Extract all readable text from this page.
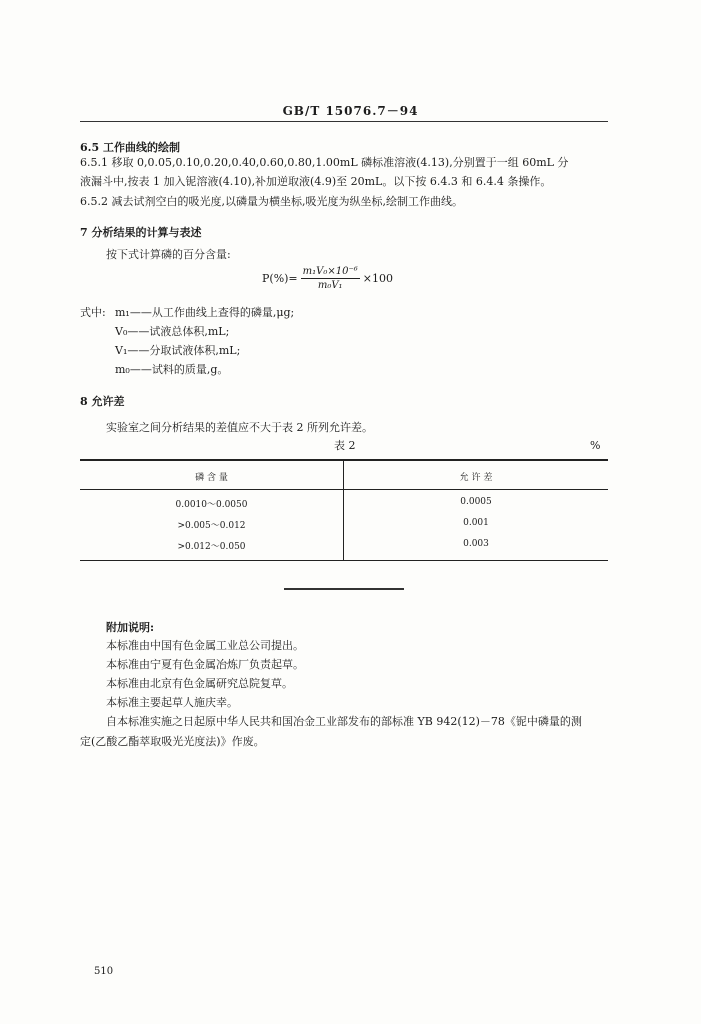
GB/T 15076.7－94
6.5 工作曲线的绘制
6.5.1 移取 0,0.05,0.10,0.20,0.40,0.60,0.80,1.00mL 磷标准溶液(4.13),分别置于一组 60mL 分
液漏斗中,按表 1 加入铌溶液(4.10),补加逆取液(4.9)至 20mL。以下按 6.4.3 和 6.4.4 条操作。
6.5.2 减去试剂空白的吸光度,以磷量为横坐标,吸光度为纵坐标,绘制工作曲线。
7 分析结果的计算与表述
按下式计算磷的百分含量:
$P(\%)= \frac{\text{m₁V₀×10⁻⁶}}{\text{m₀V₁}} \times 100$
式中: m₁——从工作曲线上查得的磷量,μg;
V₀——试液总体积,mL;
V₁——分取试液体积,mL;
m₀——试料的质量,g。
8 允许差
实验室之间分析结果的差值应不大于表 2 所列允许差。
表 2	%
磷 含 量	允 许 差
0.0010～0.0050	0.0005
>0.005～0.012	0.001
>0.012～0.050	0.003
附加说明:
本标准由中国有色金属工业总公司提出。
本标准由宁夏有色金属冶炼厂负责起草。
本标准由北京有色金属研究总院复草。
本标准主要起草人施庆幸。
自本标准实施之日起原中华人民共和国冶金工业部发布的部标准 YB 942(12)－78《铌中磷量的测
定(乙酸乙酯萃取吸光光度法)》作废。
510
